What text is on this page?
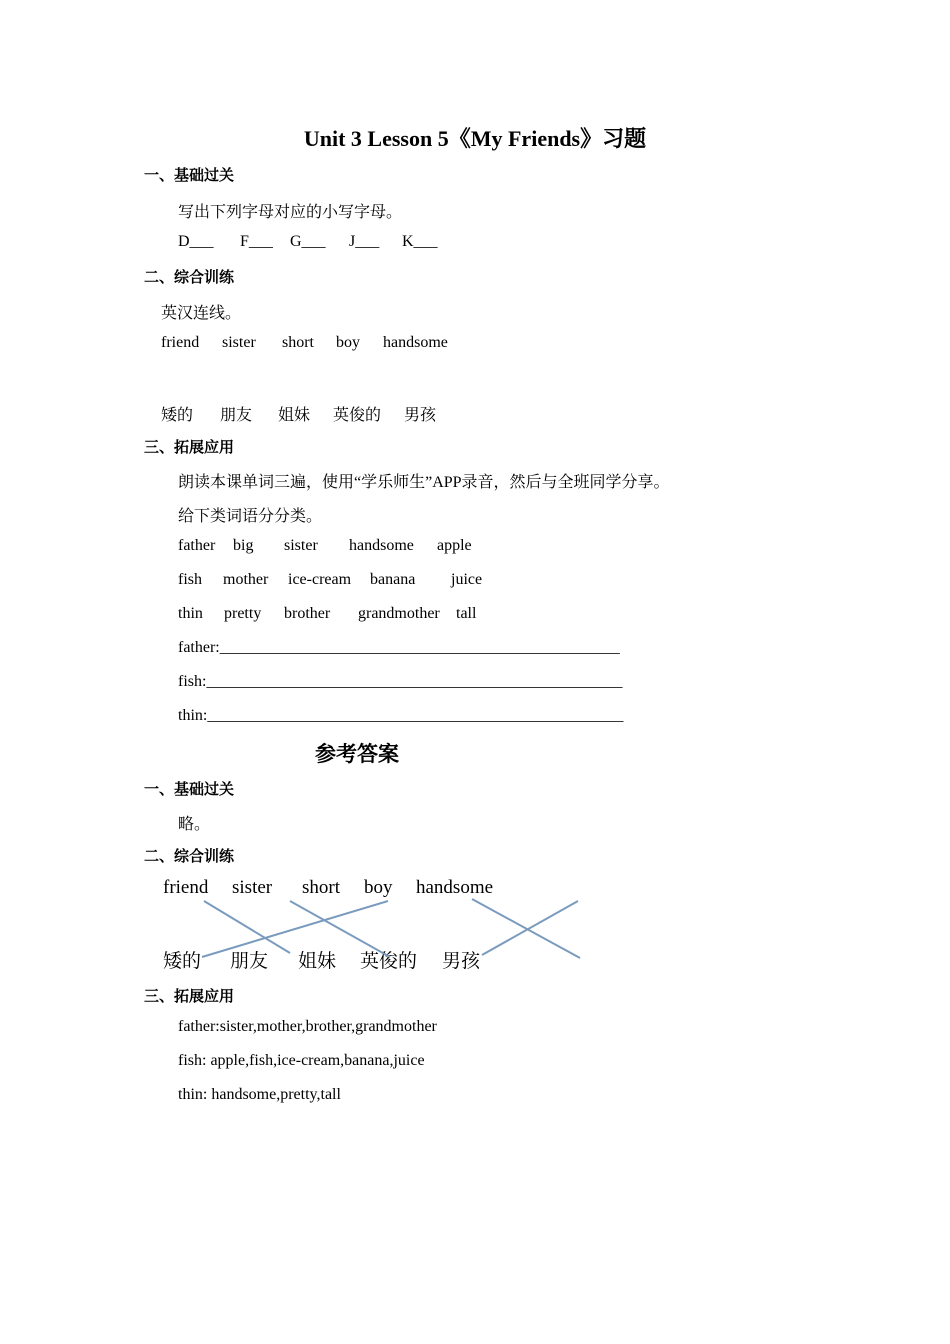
Unit 3 Lesson 5《My Friends》习题
一、基础过关
写出下列字母对应的小写字母。
D___ F___ G___ J___ K___
二、综合训练
英汉连线。
friend sister short boy handsome
矮的 朋友 姐妹 英俊的 男孩
三、拓展应用
朗读本课单词三遍，使用“学乐师生”APP录音，然后与全班同学分享。
给下类词语分分类。
father big sister handsome apple
fish mother ice-cream banana juice
thin pretty brother grandmother tall
father:__________________________________________________
fish:____________________________________________________
thin:____________________________________________________
参考答案
一、基础过关
略。
二、综合训练
friend sister short boy handsome
矮的 朋友 姐妹 英俊的 男孩
三、拓展应用
father:sister,mother,brother,grandmother
fish: apple,fish,ice-cream,banana,juice
thin: handsome,pretty,tall
